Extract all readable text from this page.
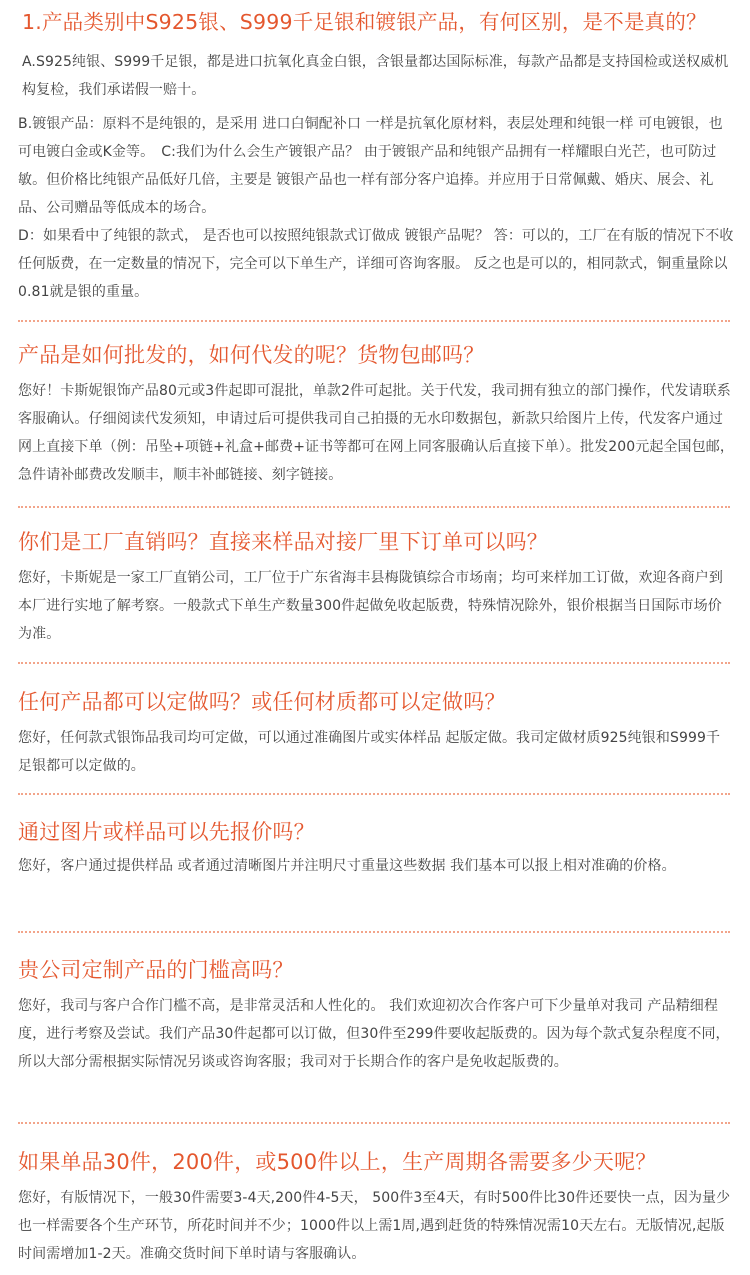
1.产品类别中S925银、S999千足银和镀银产品，有何区别，是不是真的？

A.S925纯银、S999千足银，都是进口抗氧化真金白银，含银量都达国际标准，每款产品都是支持国检或送权威机构复检，我们承诺假一赔十。

B.镀银产品：原料不是纯银的，是采用 进口白铜配补口 一样是抗氧化原材料，表层处理和纯银一样 可电镀银，也可电镀白金或K金等。　C:我们为什么会生产镀银产品？ 由于镀银产品和纯银产品拥有一样耀眼白光芒，也可防过敏。但价格比纯银产品低好几倍，主要是 镀银产品也一样有部分客户追捧。并应用于日常佩戴、婚庆、展会、礼品、公司赠品等低成本的场合。

D：如果看中了纯银的款式， 是否也可以按照纯银款式订做成 镀银产品呢？ 答：可以的，工厂在有版的情况下不收任何版费，在一定数量的情况下，完全可以下单生产，详细可咨询客服。 反之也是可以的，相同款式，铜重量除以0.81就是银的重量。

产品是如何批发的，如何代发的呢？货物包邮吗？

您好！卡斯妮银饰产品80元或3件起即可混批，单款2件可起批。关于代发，我司拥有独立的部门操作，代发请联系客服确认。仔细阅读代发须知，申请过后可提供我司自己拍摄的无水印数据包，新款只给图片上传，代发客户通过网上直接下单（例：吊坠+项链+礼盒+邮费+证书等都可在网上同客服确认后直接下单）。批发200元起全国包邮，急件请补邮费改发顺丰，顺丰补邮链接、刻字链接。

你们是工厂直销吗？直接来样品对接厂里下订单可以吗？

您好，卡斯妮是一家工厂直销公司，工厂位于广东省海丰县梅陇镇综合市场南；均可来样加工订做，欢迎各商户到本厂进行实地了解考察。一般款式下单生产数量300件起做免收起版费，特殊情况除外，银价根据当日国际市场价为准。

任何产品都可以定做吗？或任何材质都可以定做吗？

您好，任何款式银饰品我司均可定做，可以通过准确图片或实体样品 起版定做。我司定做材质925纯银和S999千足银都可以定做的。

通过图片或样品可以先报价吗？

您好，客户通过提供样品 或者通过清晰图片并注明尺寸重量这些数据 我们基本可以报上相对准确的价格。

贵公司定制产品的门槛高吗？

您好，我司与客户合作门槛不高，是非常灵活和人性化的。 我们欢迎初次合作客户可下少量单对我司 产品精细程度，进行考察及尝试。我们产品30件起都可以订做，但30件至299件要收起版费的。因为每个款式复杂程度不同，所以大部分需根据实际情况另谈或咨询客服；我司对于长期合作的客户是免收起版费的。

如果单品30件，200件，或500件以上，生产周期各需要多少天呢？

您好，有版情况下，一般30件需要3-4天,200件4-5天， 500件3至4天，有时500件比30件还要快一点，因为量少也一样需要各个生产环节，所花时间并不少；1000件以上需1周,遇到赶货的特殊情况需10天左右。无版情况,起版时间需增加1-2天。准确交货时间下单时请与客服确认。
